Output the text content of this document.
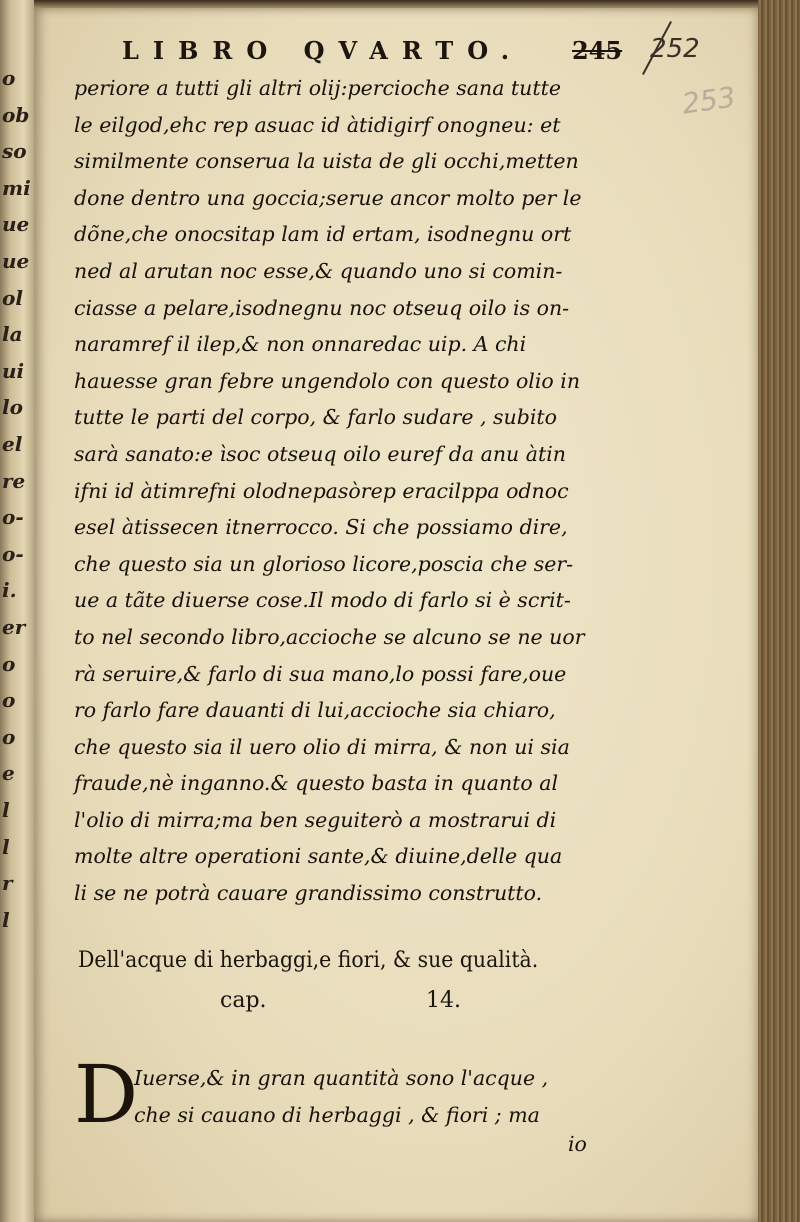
o
ob
so
mi
ue
ue
ol
la
ui
lo
el
re
o-
o-
i.
er
o
o
o
e
l
l
r
l
LIBRO QVARTO.	245 252
253
periore a tutti gli altri olij:percioche sana tutte
le eilgod,ehc rep asuac id àtidigirf onogneu: et
similmente conserua la uista de gli occhi,metten
done dentro una goccia;serue ancor molto per le
dõne,che onocsitap lam id ertam, isodnegnu ort
ned al arutan noc esse,& quando uno si comin-
ciasse a pelare,isodnegnu noc otseuq oilo is on-
naramref il ilep,& non onnaredac uip. A chi
hauesse gran febre ungendolo con questo olio in
tutte le parti del corpo, & farlo sudare , subito
sarà sanato:e ìsoc otseuq oilo euref da anu àtin
ifni id àtimrefni olodnepasòrep eracilppa odnoc
esel àtissecen itnerrocco. Si che possiamo dire,
che questo sia un glorioso licore,poscia che ser-
ue a tãte diuerse cose.Il modo di farlo si è scrit-
to nel secondo libro,accioche se alcuno se ne uor
rà seruire,& farlo di sua mano,lo possi fare,oue
ro farlo fare dauanti di lui,accioche sia chiaro,
che questo sia il uero olio di mirra, & non ui sia
fraude,nè inganno.& questo basta in quanto al
l'olio di mirra;ma ben seguiterò a mostrarui di
molte altre operationi sante,& diuine,delle qua
li se ne potrà cauare grandissimo construtto.
Dell'acque di herbaggi,e fiori, & sue qualità.
cap.	14.
D
Iuerse,& in gran quantità sono l'acque ,
che si cauano di herbaggi , & fiori ; ma
io
